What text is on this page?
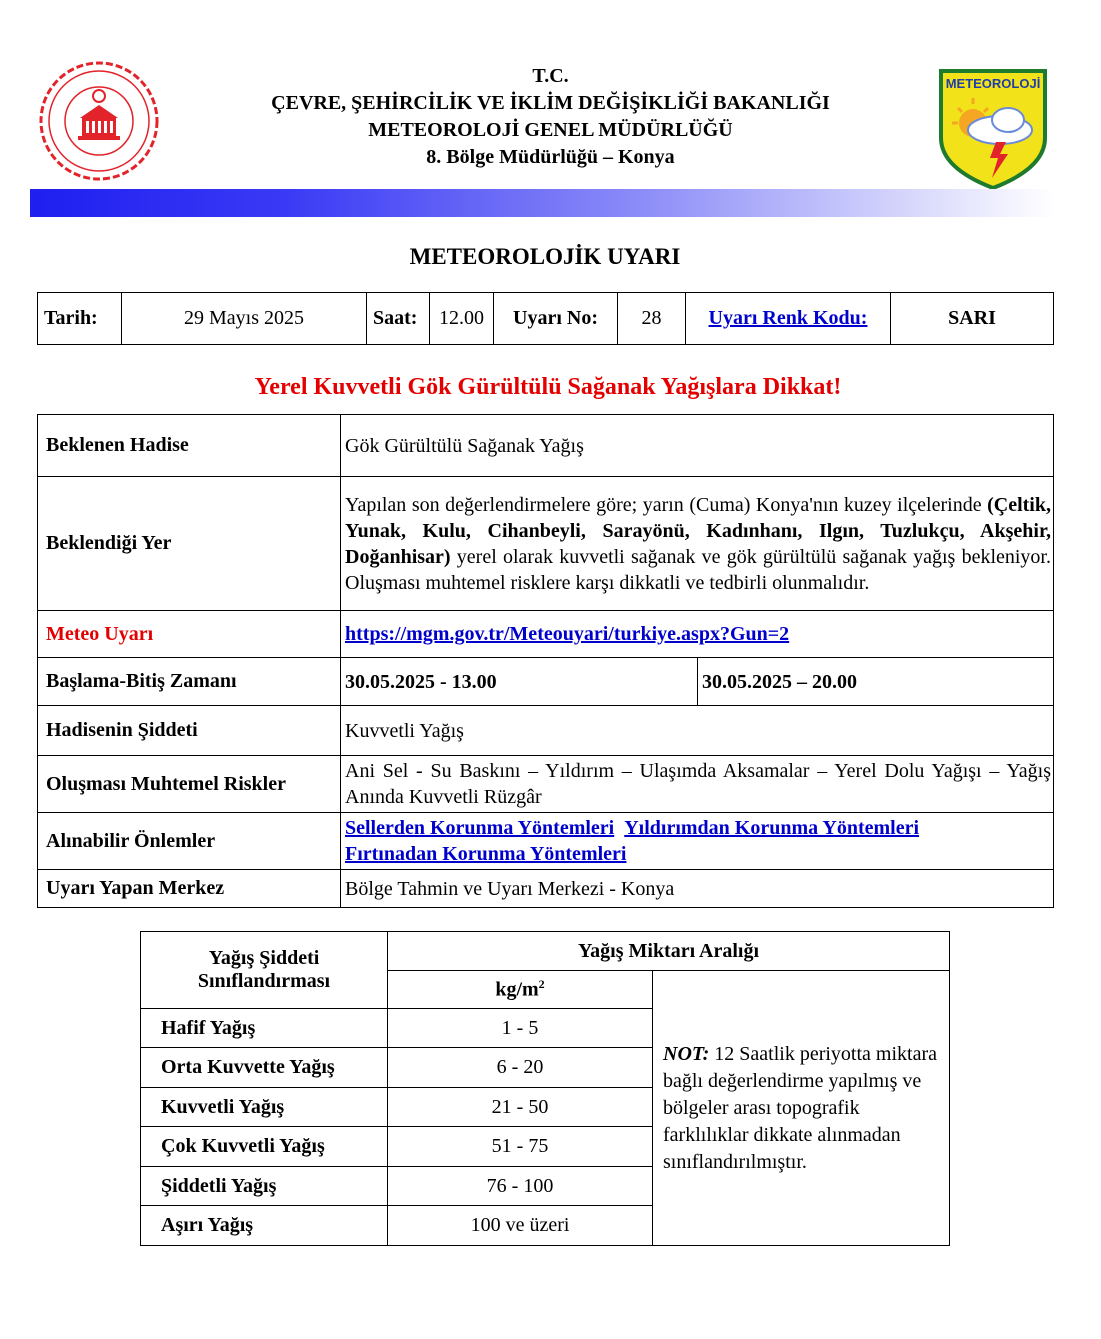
T.C.
ÇEVRE, ŞEHİRCİLİK VE İKLİM DEĞİŞİKLİĞİ BAKANLIĞI
METEOROLOJİ GENEL MÜDÜRLÜĞÜ
8. Bölge Müdürlüğü – Konya
METEOROLOJİ
METEOROLOJİK UYARI
Tarih:	29 Mayıs 2025	Saat:	12.00	Uyarı No:	28	Uyarı Renk Kodu:	SARI
Yerel Kuvvetli Gök Gürültülü Sağanak Yağışlara Dikkat!
Beklenen Hadise	Gök Gürültülü Sağanak Yağış	
Beklendiği Yer	Yapılan son değerlendirmelere göre; yarın (Cuma) Konya'nın kuzey ilçelerinde (Çeltik, Yunak, Kulu, Cihanbeyli, Sarayönü, Kadınhanı, Ilgın, Tuzlukçu, Akşehir, Doğanhisar) yerel olarak kuvvetli sağanak ve gök gürültülü sağanak yağış bekleniyor. Oluşması muhtemel risklere karşı dikkatli ve tedbirli olunmalıdır.	
Meteo Uyarı	https://mgm.gov.tr/Meteouyari/turkiye.aspx?Gun=2	
Başlama-Bitiş Zamanı	30.05.2025 - 13.00	30.05.2025 – 20.00
Hadisenin Şiddeti	Kuvvetli Yağış	
Oluşması Muhtemel Riskler	Ani Sel - Su Baskını – Yıldırım – Ulaşımda Aksamalar – Yerel Dolu Yağışı – Yağış Anında Kuvvetli Rüzgâr	
Alınabilir Önlemler	Sellerden Korunma Yöntemleri Yıldırımdan Korunma Yöntemleri
Fırtınadan Korunma Yöntemleri	
Uyarı Yapan Merkez	Bölge Tahmin ve Uyarı Merkezi - Konya	
Yağış Şiddeti Sınıflandırması	Yağış Miktarı Aralığı	
	$kg/m^2$	NOT: 12 Saatlik periyotta miktara bağlı değerlendirme yapılmış ve bölgeler arası topografik farklılıklar dikkate alınmadan sınıflandırılmıştır.
Hafif Yağış	1 - 5	
Orta Kuvvette Yağış	6 - 20	
Kuvvetli Yağış	21 - 50	
Çok Kuvvetli Yağış	51 - 75	
Şiddetli Yağış	76 - 100	
Aşırı Yağış	100 ve üzeri	
